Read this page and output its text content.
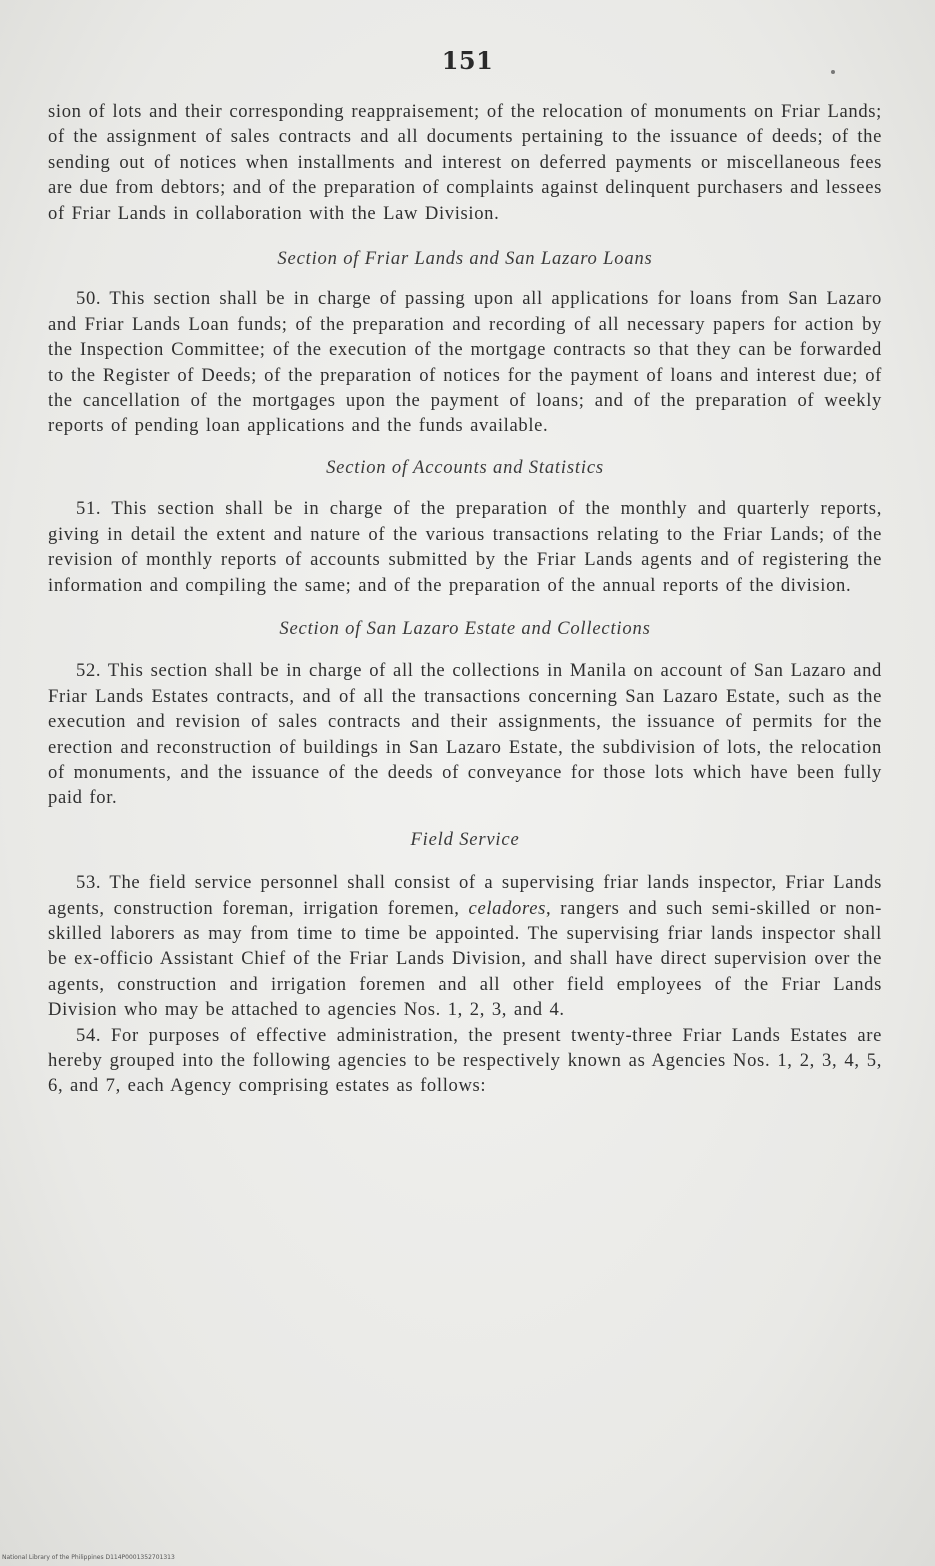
151

sion of lots and their corresponding reappraisement; of the relocation of monuments on Friar Lands; of the assignment of sales contracts and all documents pertaining to the issuance of deeds; of the sending out of notices when installments and interest on deferred payments or miscellaneous fees are due from debtors; and of the preparation of complaints against delinquent purchasers and lessees of Friar Lands in collaboration with the Law Division.

Section of Friar Lands and San Lazaro Loans

50. This section shall be in charge of passing upon all applications for loans from San Lazaro and Friar Lands Loan funds; of the preparation and recording of all necessary papers for action by the Inspection Committee; of the execution of the mortgage contracts so that they can be forwarded to the Register of Deeds; of the preparation of notices for the payment of loans and interest due; of the cancellation of the mortgages upon the payment of loans; and of the preparation of weekly reports of pending loan applications and the funds available.

Section of Accounts and Statistics

51. This section shall be in charge of the preparation of the monthly and quarterly reports, giving in detail the extent and nature of the various transactions relating to the Friar Lands; of the revision of monthly reports of accounts submitted by the Friar Lands agents and of registering the information and compiling the same; and of the preparation of the annual reports of the division.

Section of San Lazaro Estate and Collections

52. This section shall be in charge of all the collections in Manila on account of San Lazaro and Friar Lands Estates contracts, and of all the transactions concerning San Lazaro Estate, such as the execution and revision of sales contracts and their assignments, the issuance of permits for the erection and reconstruction of buildings in San Lazaro Estate, the subdivision of lots, the relocation of monuments, and the issuance of the deeds of conveyance for those lots which have been fully paid for.

Field Service

53. The field service personnel shall consist of a supervising friar lands inspector, Friar Lands agents, construction foreman, irrigation foremen, celadores, rangers and such semi-skilled or non-skilled laborers as may from time to time be appointed. The supervising friar lands inspector shall be ex-officio Assistant Chief of the Friar Lands Division, and shall have direct supervision over the agents, construction and irrigation foremen and all other field employees of the Friar Lands Division who may be attached to agencies Nos. 1, 2, 3, and 4.

54. For purposes of effective administration, the present twenty-three Friar Lands Estates are hereby grouped into the following agencies to be respectively known as Agencies Nos. 1, 2, 3, 4, 5, 6, and 7, each Agency comprising estates as follows:

National Library of the Philippines D114P0001352701313
